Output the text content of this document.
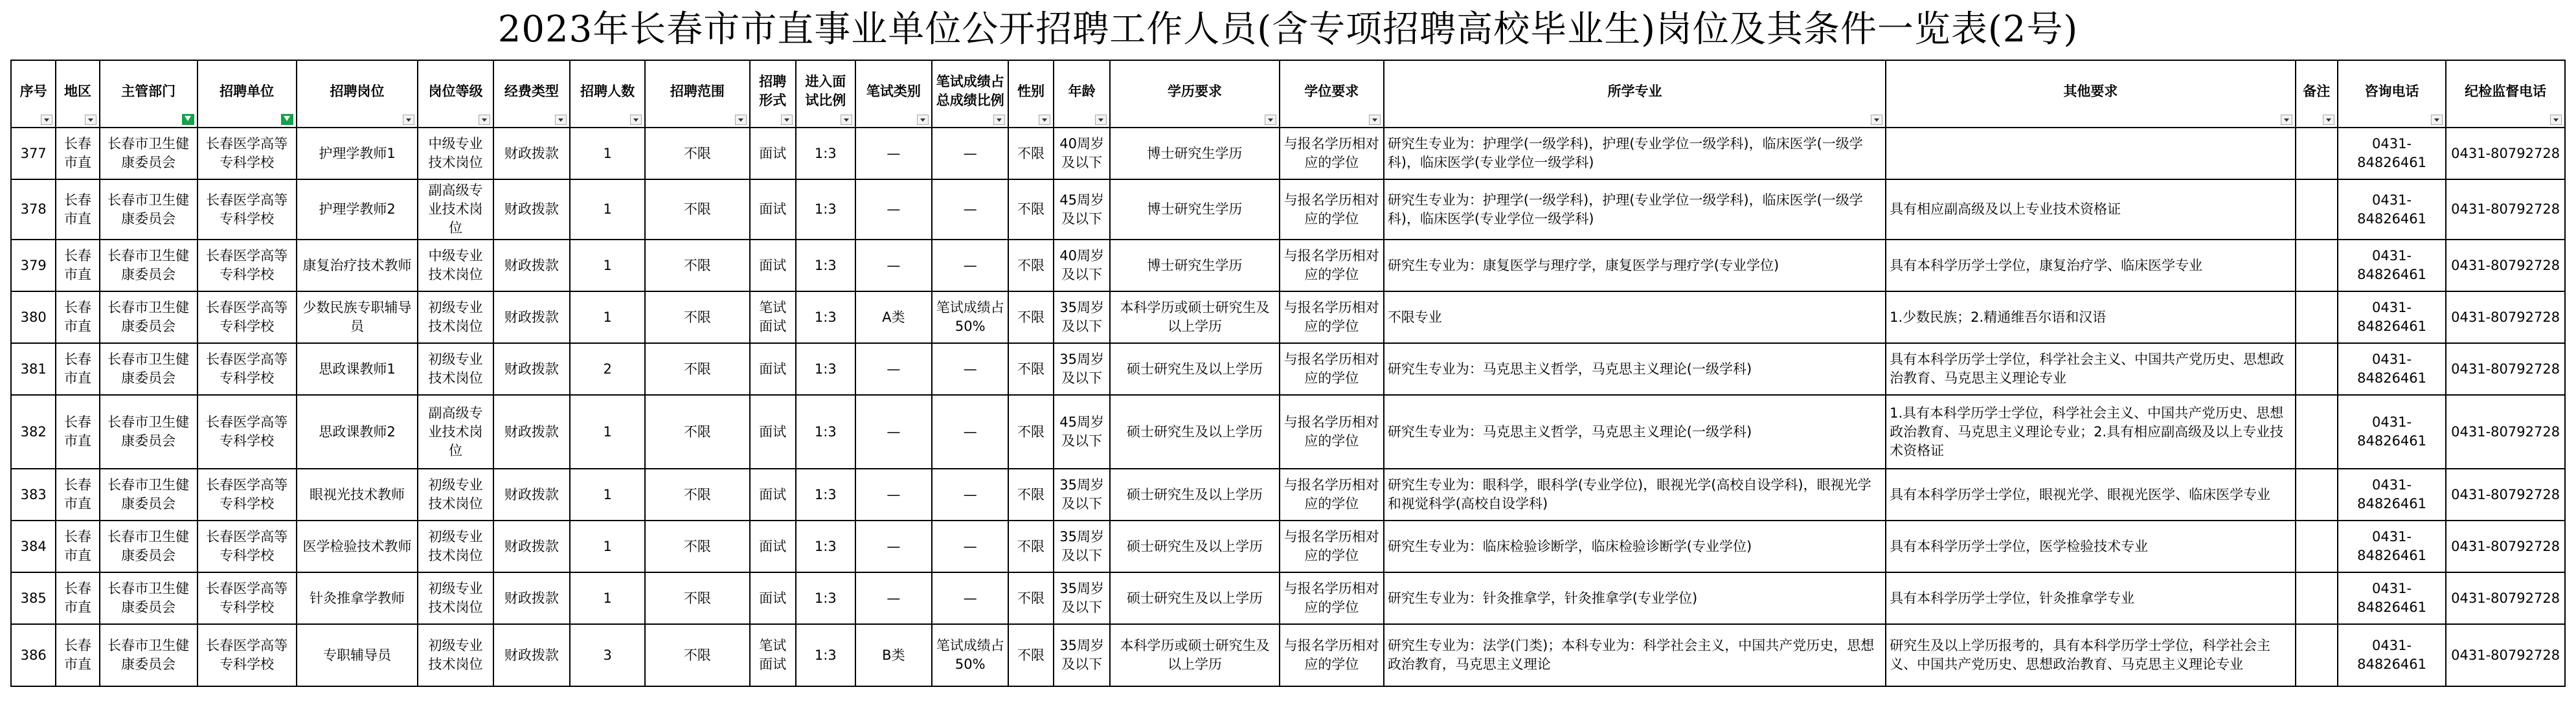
2023年长春市市直事业单位公开招聘工作人员(含专项招聘高校毕业生)岗位及其条件一览表(2号)
序号	地区	主管部门	招聘单位	招聘岗位	岗位等级	经费类型	招聘人数	招聘范围	招聘形式	进入面试比例	笔试类别	笔试成绩占总成绩比例	性别	年龄	学历要求	学位要求	所学专业	其他要求	备注	咨询电话	纪检监督电话

377	长春市直	长春市卫生健康委员会	长春医学高等专科学校	护理学教师1	中级专业技术岗位	财政拨款	1	不限	面试	1:3	—	—	不限	40周岁及以下	博士研究生学历	与报名学历相对应的学位	研究生专业为：护理学(一级学科)，护理(专业学位一级学科)，临床医学(一级学科)，临床医学(专业学位一级学科)			0431-84826461	0431-80792728
378	长春市直	长春市卫生健康委员会	长春医学高等专科学校	护理学教师2	副高级专业技术岗位	财政拨款	1	不限	面试	1:3	—	—	不限	45周岁及以下	博士研究生学历	与报名学历相对应的学位	研究生专业为：护理学(一级学科)，护理(专业学位一级学科)，临床医学(一级学科)，临床医学(专业学位一级学科)	具有相应副高级及以上专业技术资格证		0431-84826461	0431-80792728
379	长春市直	长春市卫生健康委员会	长春医学高等专科学校	康复治疗技术教师	中级专业技术岗位	财政拨款	1	不限	面试	1:3	—	—	不限	40周岁及以下	博士研究生学历	与报名学历相对应的学位	研究生专业为：康复医学与理疗学，康复医学与理疗学(专业学位)	具有本科学历学士学位，康复治疗学、临床医学专业		0431-84826461	0431-80792728
380	长春市直	长春市卫生健康委员会	长春医学高等专科学校	少数民族专职辅导员	初级专业技术岗位	财政拨款	1	不限	笔试面试	1:3	A类	笔试成绩占50%	不限	35周岁及以下	本科学历或硕士研究生及以上学历	与报名学历相对应的学位	不限专业	1.少数民族；2.精通维吾尔语和汉语		0431-84826461	0431-80792728
381	长春市直	长春市卫生健康委员会	长春医学高等专科学校	思政课教师1	初级专业技术岗位	财政拨款	2	不限	面试	1:3	—	—	不限	35周岁及以下	硕士研究生及以上学历	与报名学历相对应的学位	研究生专业为：马克思主义哲学，马克思主义理论(一级学科)	具有本科学历学士学位，科学社会主义、中国共产党历史、思想政治教育、马克思主义理论专业		0431-84826461	0431-80792728
382	长春市直	长春市卫生健康委员会	长春医学高等专科学校	思政课教师2	副高级专业技术岗位	财政拨款	1	不限	面试	1:3	—	—	不限	45周岁及以下	硕士研究生及以上学历	与报名学历相对应的学位	研究生专业为：马克思主义哲学，马克思主义理论(一级学科)	1.具有本科学历学士学位，科学社会主义、中国共产党历史、思想政治教育、马克思主义理论专业；2.具有相应副高级及以上专业技术资格证		0431-84826461	0431-80792728
383	长春市直	长春市卫生健康委员会	长春医学高等专科学校	眼视光技术教师	初级专业技术岗位	财政拨款	1	不限	面试	1:3	—	—	不限	35周岁及以下	硕士研究生及以上学历	与报名学历相对应的学位	研究生专业为：眼科学，眼科学(专业学位)，眼视光学(高校自设学科)，眼视光学和视觉科学(高校自设学科)	具有本科学历学士学位，眼视光学、眼视光医学、临床医学专业		0431-84826461	0431-80792728
384	长春市直	长春市卫生健康委员会	长春医学高等专科学校	医学检验技术教师	初级专业技术岗位	财政拨款	1	不限	面试	1:3	—	—	不限	35周岁及以下	硕士研究生及以上学历	与报名学历相对应的学位	研究生专业为：临床检验诊断学，临床检验诊断学(专业学位)	具有本科学历学士学位，医学检验技术专业		0431-84826461	0431-80792728
385	长春市直	长春市卫生健康委员会	长春医学高等专科学校	针灸推拿学教师	初级专业技术岗位	财政拨款	1	不限	面试	1:3	—	—	不限	35周岁及以下	硕士研究生及以上学历	与报名学历相对应的学位	研究生专业为：针灸推拿学，针灸推拿学(专业学位)	具有本科学历学士学位，针灸推拿学专业		0431-84826461	0431-80792728
386	长春市直	长春市卫生健康委员会	长春医学高等专科学校	专职辅导员	初级专业技术岗位	财政拨款	3	不限	笔试面试	1:3	B类	笔试成绩占50%	不限	35周岁及以下	本科学历或硕士研究生及以上学历	与报名学历相对应的学位	研究生专业为：法学(门类)；本科专业为：科学社会主义，中国共产党历史，思想政治教育，马克思主义理论	研究生及以上学历报考的，具有本科学历学士学位，科学社会主义、中国共产党历史、思想政治教育、马克思主义理论专业		0431-84826461	0431-80792728
